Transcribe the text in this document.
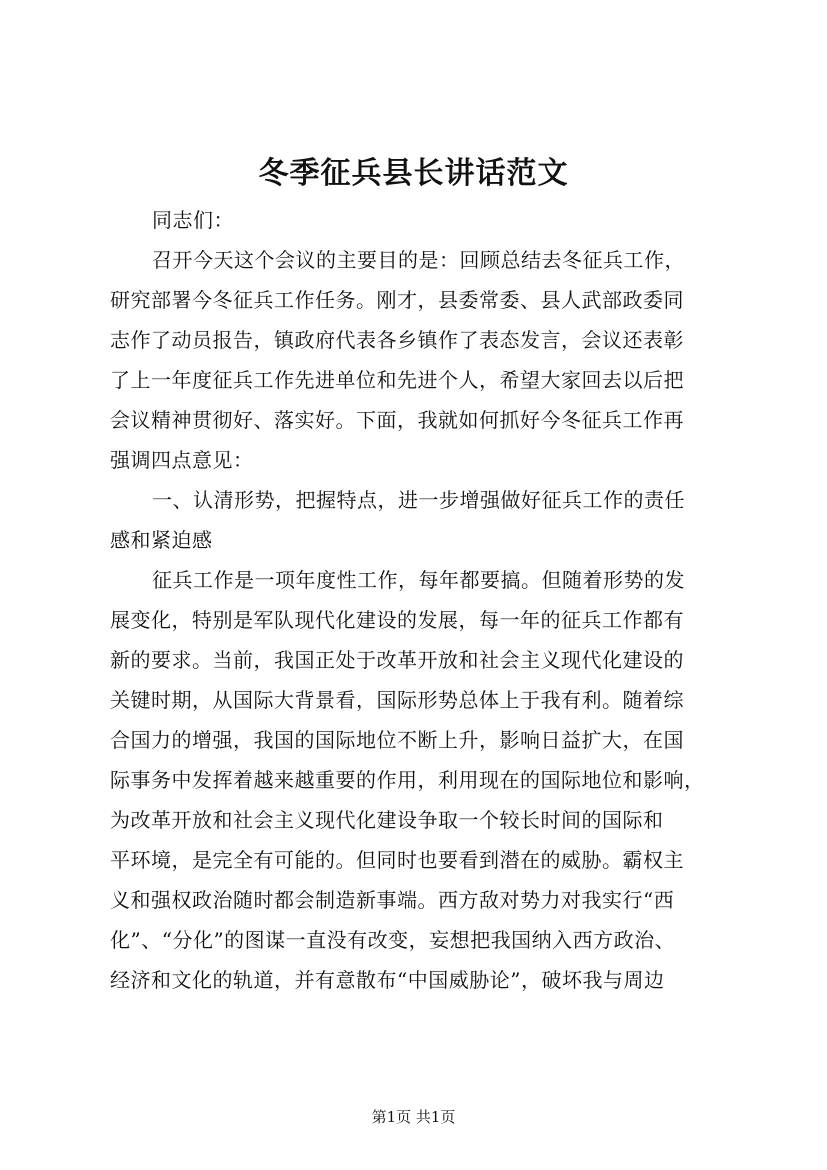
冬季征兵县长讲话范文
同志们：
召开今天这个会议的主要目的是：回顾总结去冬征兵工作，
研究部署今冬征兵工作任务。刚才，县委常委、县人武部政委同
志作了动员报告，镇政府代表各乡镇作了表态发言，会议还表彰
了上一年度征兵工作先进单位和先进个人，希望大家回去以后把
会议精神贯彻好、落实好。下面，我就如何抓好今冬征兵工作再
强调四点意见：
一、认清形势，把握特点，进一步增强做好征兵工作的责任
感和紧迫感
征兵工作是一项年度性工作，每年都要搞。但随着形势的发
展变化，特别是军队现代化建设的发展，每一年的征兵工作都有
新的要求。当前，我国正处于改革开放和社会主义现代化建设的
关键时期，从国际大背景看，国际形势总体上于我有利。随着综
合国力的增强，我国的国际地位不断上升，影响日益扩大，在国
际事务中发挥着越来越重要的作用，利用现在的国际地位和影响，
为改革开放和社会主义现代化建设争取一个较长时间的国际和
平环境，是完全有可能的。但同时也要看到潜在的威胁。霸权主
义和强权政治随时都会制造新事端。西方敌对势力对我实行“西
化”、“分化”的图谋一直没有改变，妄想把我国纳入西方政治、
经济和文化的轨道，并有意散布“中国威胁论”，破坏我与周边
第1页 共1页
